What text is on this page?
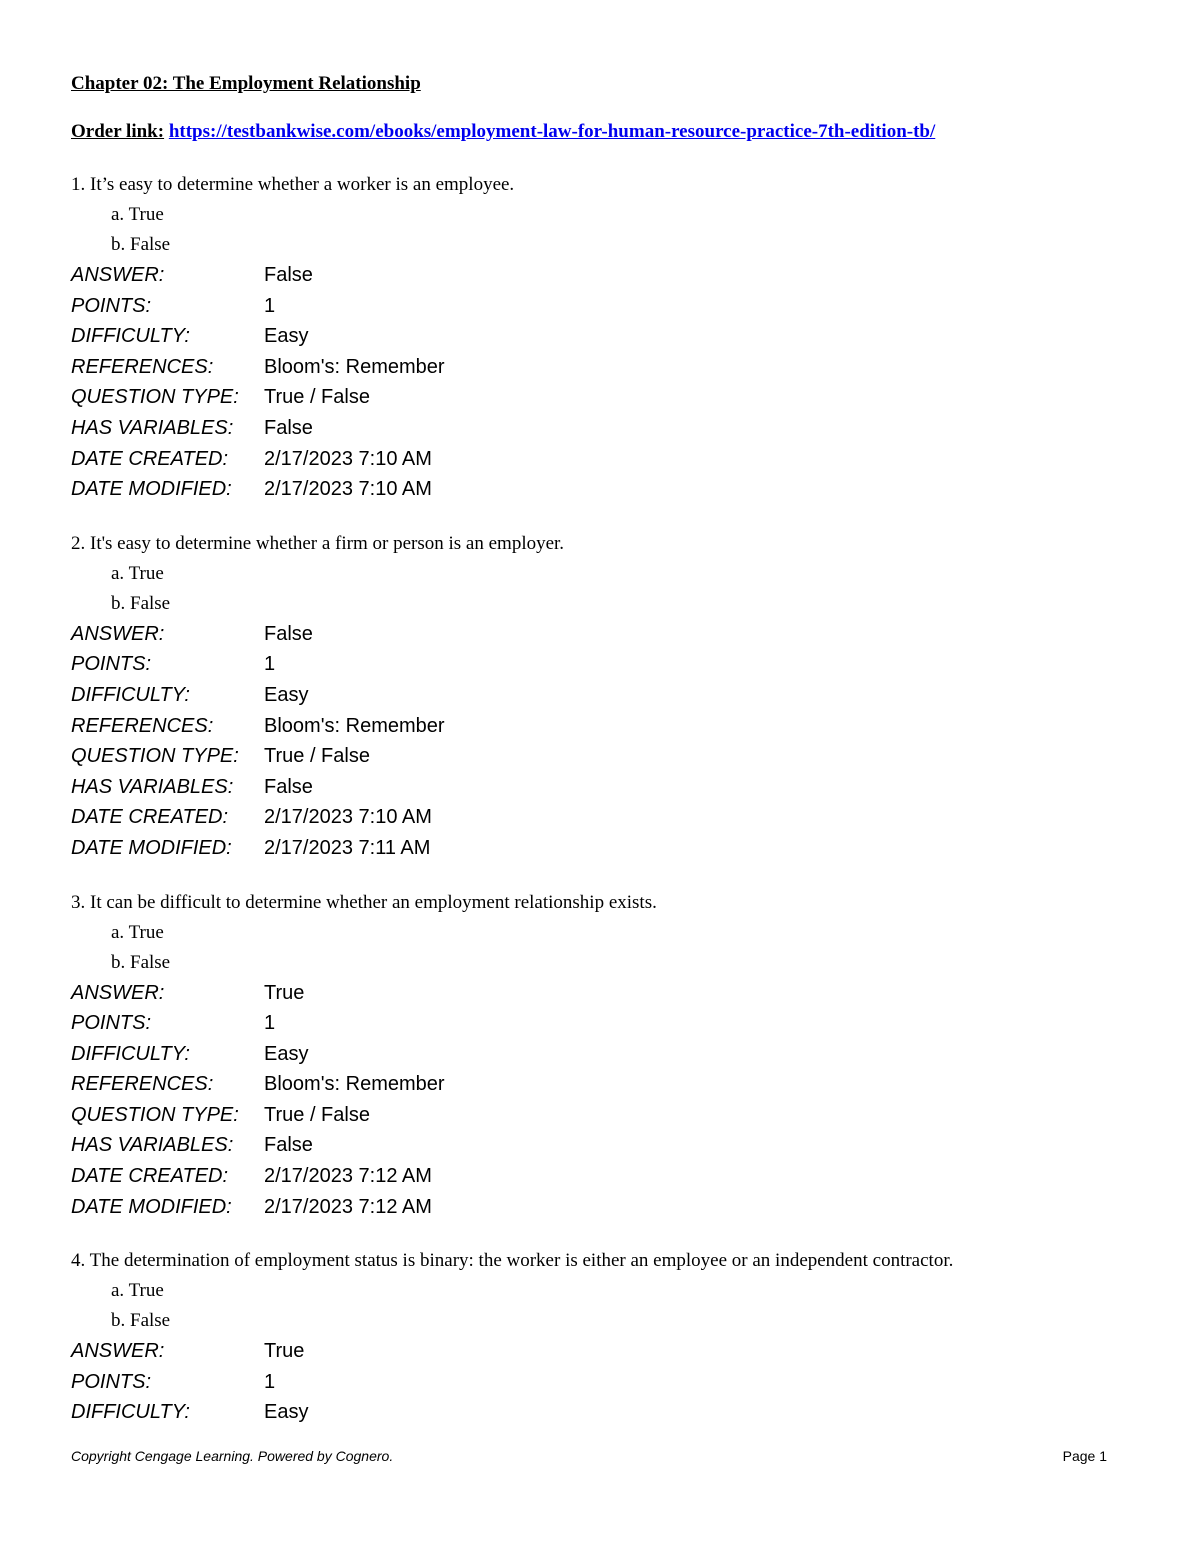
Chapter 02: The Employment Relationship
Order link: https://testbankwise.com/ebooks/employment-law-for-human-resource-practice-7th-edition-tb/
1. It’s easy to determine whether a worker is an employee.
a. True
b. False
ANSWER:	False
POINTS:	1
DIFFICULTY:	Easy
REFERENCES:	Bloom's: Remember
QUESTION TYPE:	True / False
HAS VARIABLES:	False
DATE CREATED:	2/17/2023 7:10 AM
DATE MODIFIED:	2/17/2023 7:10 AM
2. It's easy to determine whether a firm or person is an employer.
a. True
b. False
ANSWER:	False
POINTS:	1
DIFFICULTY:	Easy
REFERENCES:	Bloom's: Remember
QUESTION TYPE:	True / False
HAS VARIABLES:	False
DATE CREATED:	2/17/2023 7:10 AM
DATE MODIFIED:	2/17/2023 7:11 AM
3. It can be difficult to determine whether an employment relationship exists.
a. True
b. False
ANSWER:	True
POINTS:	1
DIFFICULTY:	Easy
REFERENCES:	Bloom's: Remember
QUESTION TYPE:	True / False
HAS VARIABLES:	False
DATE CREATED:	2/17/2023 7:12 AM
DATE MODIFIED:	2/17/2023 7:12 AM
4. The determination of employment status is binary: the worker is either an employee or an independent contractor.
a. True
b. False
ANSWER:	True
POINTS:	1
DIFFICULTY:	Easy
Copyright Cengage Learning. Powered by Cognero.	Page 1
